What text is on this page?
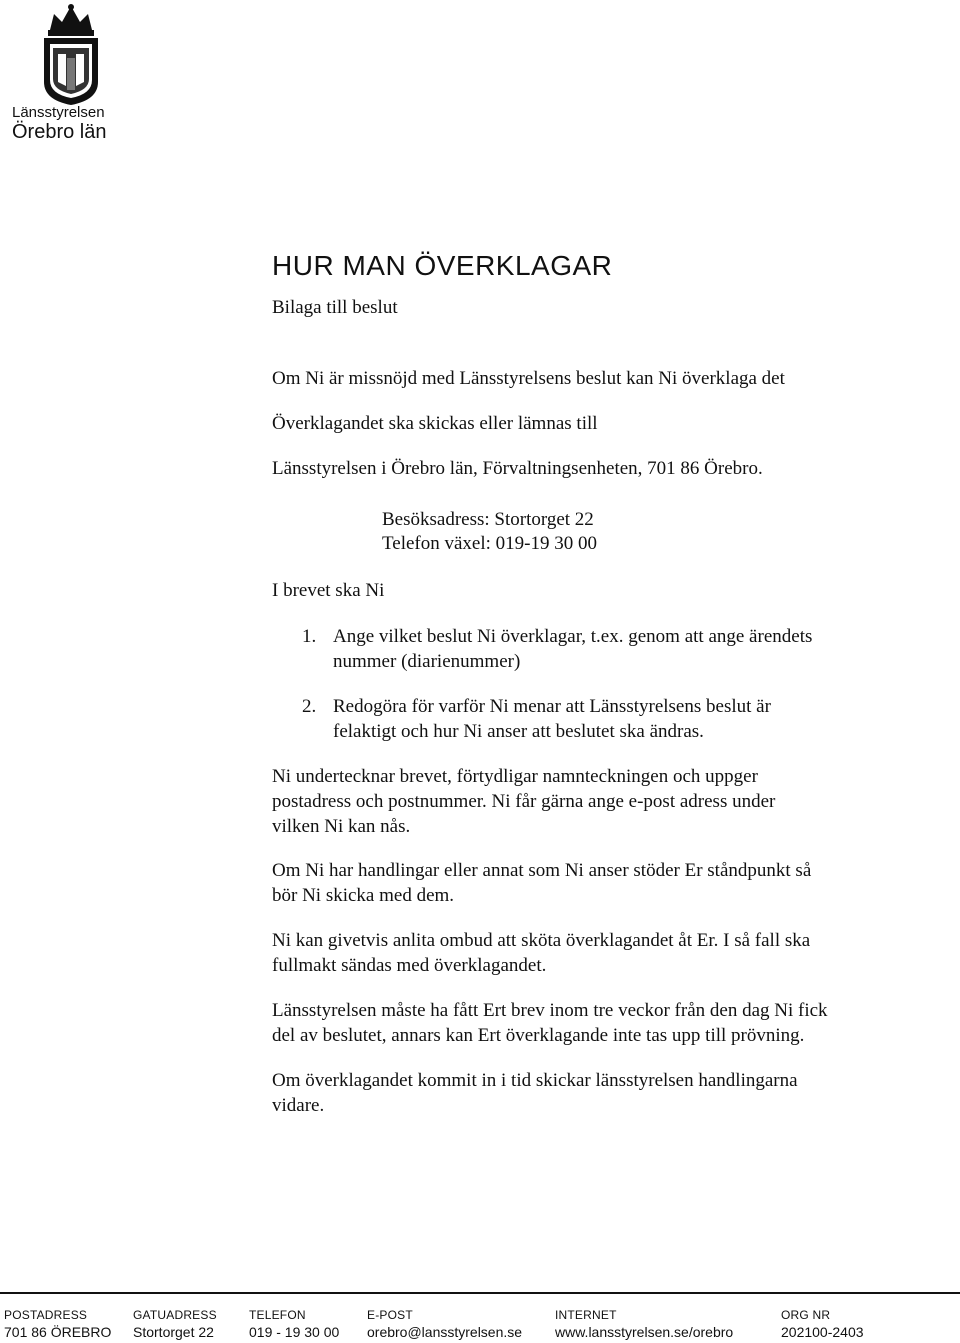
Länsstyrelsen
Örebro län
HUR MAN ÖVERKLAGAR
Bilaga till beslut
Om Ni är missnöjd med Länsstyrelsens beslut kan Ni överklaga det
Överklagandet ska skickas eller lämnas till
Länsstyrelsen i Örebro län, Förvaltningsenheten, 701 86 Örebro.
Besöksadress: Stortorget 22
Telefon växel: 019-19 30 00
I brevet ska Ni
1. Ange vilket beslut Ni överklagar, t.ex. genom att ange ärendets
nummer (diarienummer)
2. Redogöra för varför Ni menar att Länsstyrelsens beslut är
felaktigt och hur Ni anser att beslutet ska ändras.
Ni undertecknar brevet, förtydligar namnteckningen och uppger
postadress och postnummer. Ni får gärna ange e-post adress under
vilken Ni kan nås.
Om Ni har handlingar eller annat som Ni anser stöder Er ståndpunkt så
bör Ni skicka med dem.
Ni kan givetvis anlita ombud att sköta överklagandet åt Er. I så fall ska
fullmakt sändas med överklagandet.
Länsstyrelsen måste ha fått Ert brev inom tre veckor från den dag Ni fick
del av beslutet, annars kan Ert överklagande inte tas upp till prövning.
Om överklagandet kommit in i tid skickar länsstyrelsen handlingarna
vidare.
POSTADRESS
701 86 ÖREBRO
GATUADRESS
Stortorget 22
TELEFON
019 - 19 30 00
E-POST
orebro@lansstyrelsen.se
INTERNET
www.lansstyrelsen.se/orebro
ORG NR
202100-2403
